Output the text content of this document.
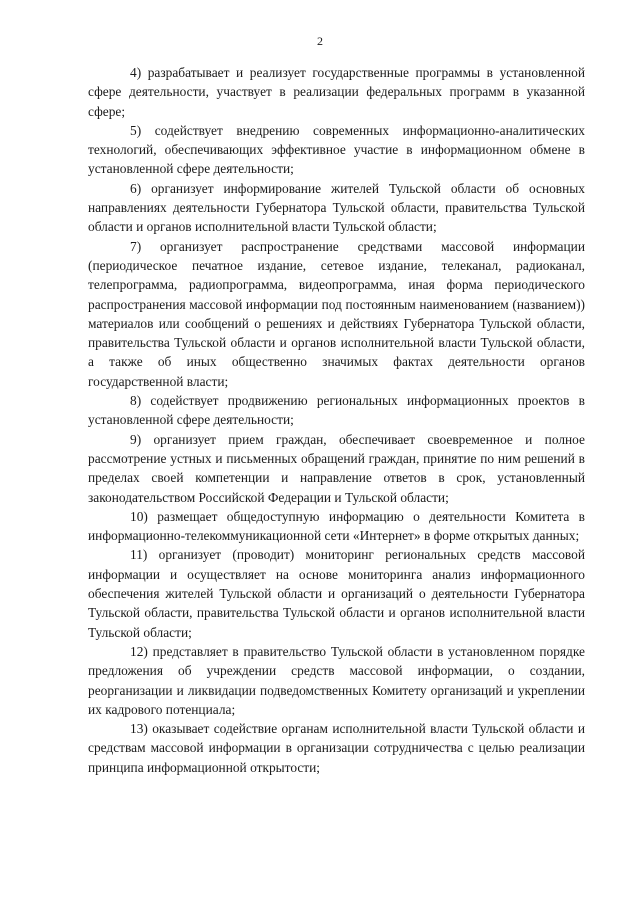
2

4) разрабатывает и реализует государственные программы в установленной сфере деятельности, участвует в реализации федеральных программ в указанной сфере;

5) содействует внедрению современных информационно-аналитических технологий, обеспечивающих эффективное участие в информационном обмене в установленной сфере деятельности;

6) организует информирование жителей Тульской области об основных направлениях деятельности Губернатора Тульской области, правительства Тульской области и органов исполнительной власти Тульской области;

7) организует распространение средствами массовой информации (периодическое печатное издание, сетевое издание, телеканал, радиоканал, телепрограмма, радиопрограмма, видеопрограмма, иная форма периодического распространения массовой информации под постоянным наименованием (названием)) материалов или сообщений о решениях и действиях Губернатора Тульской области, правительства Тульской области и органов исполнительной власти Тульской области, а также об иных общественно значимых фактах деятельности органов государственной власти;

8) содействует продвижению региональных информационных проектов в установленной сфере деятельности;

9) организует прием граждан, обеспечивает своевременное и полное рассмотрение устных и письменных обращений граждан, принятие по ним решений в пределах своей компетенции и направление ответов в срок, установленный законодательством Российской Федерации и Тульской области;

10) размещает общедоступную информацию о деятельности Комитета в информационно-телекоммуникационной сети «Интернет» в форме открытых данных;

11) организует (проводит) мониторинг региональных средств массовой информации и осуществляет на основе мониторинга анализ информационного обеспечения жителей Тульской области и организаций о деятельности Губернатора Тульской области, правительства Тульской области и органов исполнительной власти Тульской области;

12) представляет в правительство Тульской области в установленном порядке предложения об учреждении средств массовой информации, о создании, реорганизации и ликвидации подведомственных Комитету организаций и укреплении их кадрового потенциала;

13) оказывает содействие органам исполнительной власти Тульской области и средствам массовой информации в организации сотрудничества с целью реализации принципа информационной открытости;
